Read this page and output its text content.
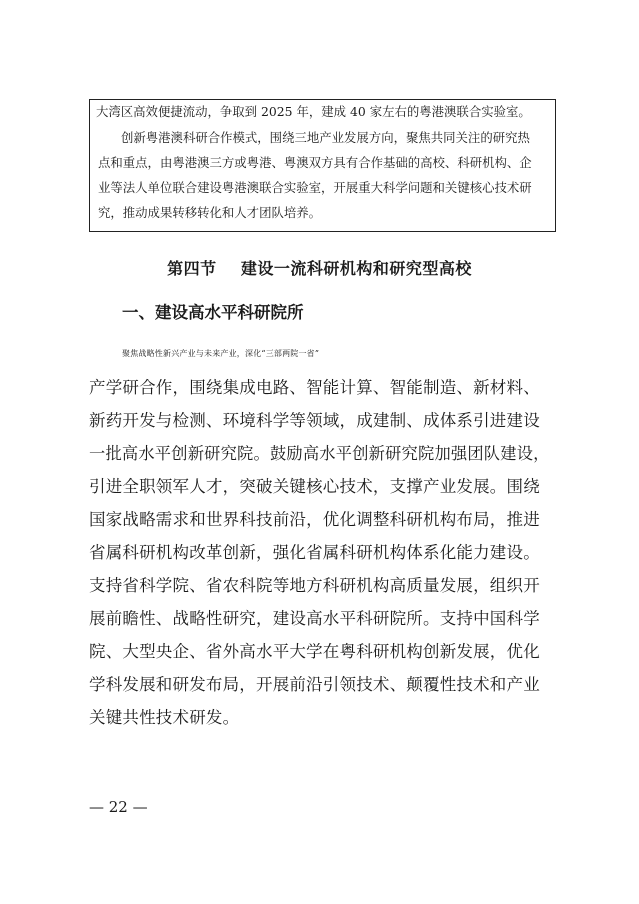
大湾区高效便捷流动，争取到 2025 年，建成 40 家左右的粤港澳联合实验室。
创新粤港澳科研合作模式，围绕三地产业发展方向，聚焦共同关注的研究热
点和重点，由粤港澳三方或粤港、粤澳双方具有合作基础的高校、科研机构、企
业等法人单位联合建设粤港澳联合实验室，开展重大科学问题和关键核心技术研
究，推动成果转移转化和人才团队培养。
第四节    建设一流科研机构和研究型高校
一、建设高水平科研院所
聚焦战略性新兴产业与未来产业，深化“三部两院一省”
产学研合作，围绕集成电路、智能计算、智能制造、新材料、
新药开发与检测、环境科学等领域，成建制、成体系引进建设
一批高水平创新研究院。鼓励高水平创新研究院加强团队建设，
引进全职领军人才，突破关键核心技术，支撑产业发展。围绕
国家战略需求和世界科技前沿，优化调整科研机构布局，推进
省属科研机构改革创新，强化省属科研机构体系化能力建设。
支持省科学院、省农科院等地方科研机构高质量发展，组织开
展前瞻性、战略性研究，建设高水平科研院所。支持中国科学
院、大型央企、省外高水平大学在粤科研机构创新发展，优化
学科发展和研发布局，开展前沿引领技术、颠覆性技术和产业
关键共性技术研发。
— 22 —
